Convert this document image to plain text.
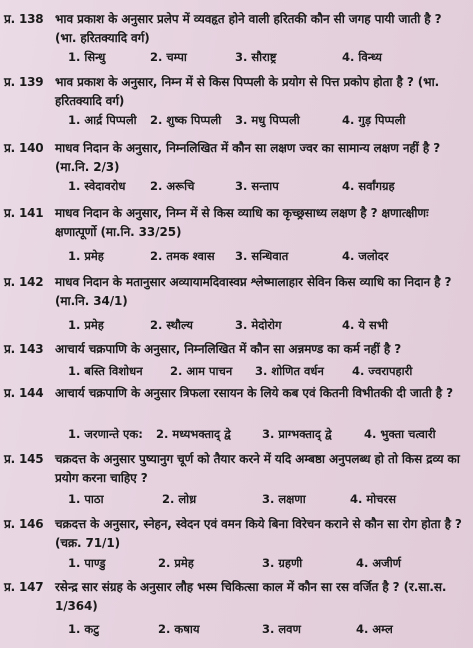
प्र. 138 भाव प्रकाश के अनुसार प्रलेप में व्यवहृत होने वाली हरितकी कौन सी जगह पायी जाती है ? (भा. हरितक्यादि वर्ग)
1. सिन्धु	2. चम्पा	3. सौराष्ट्र	4. विन्ध्य
प्र. 139 भाव प्रकाश के अनुसार, निम्न में से किस पिप्पली के प्रयोग से पित्त प्रकोप होता है ? (भा. हरितक्यादि वर्ग)
1. आर्द्र पिप्पली 2. शुष्क पिप्पली 3. मधु पिप्पली	4. गुड़ पिप्पली
प्र. 140 माधव निदान के अनुसार, निम्नलिखित में कौन सा लक्षण ज्वर का सामान्य लक्षण नहीं है ? (मा.नि. 2/3)
1. स्वेदावरोध 2. अरूचि	3. सन्ताप	4. सर्वांगग्रह
प्र. 141 माधव निदान के अनुसार, निम्न में से किस व्याधि का कृच्छ्रसाध्य लक्षण है ? क्षणात्क्षीणः क्षणात्पूर्णो (मा.नि. 33/25)
1. प्रमेह	2. तमक श्वास 3. सन्धिवात	4. जलोदर
प्र. 142 माधव निदान के मतानुसार अव्यायामदिवास्वप्न श्लेष्मालाहार सेविन किस व्याधि का निदान है ? (मा.नि. 34/1)
1. प्रमेह	2. स्थौल्य	3. मेदोरोग	4. ये सभी
प्र. 143 आचार्य चक्रपाणि के अनुसार, निम्नलिखित में कौन सा अन्नमण्ड का कर्म नहीं है ?
1. बस्ति विशोधन 2. आम पाचन 3. शोणित वर्धन 4. ज्वरापहारी
प्र. 144 आचार्य चक्रपाणि के अनुसार त्रिफला रसायन के लिये कब एवं कितनी विभीतकी दी जाती है ?
1. जरणान्ते एक: 2. मध्यभक्ताद् द्वे	3. प्राग्भक्ताद् द्वे	4. भुक्ता चत्वारी
प्र. 145 चक्रदत्त के अनुसार पुष्यानुग चूर्ण को तैयार करने में यदि अम्बष्ठा अनुपलब्ध हो तो किस द्रव्य का प्रयोग करना चाहिए ?
1. पाठा	2. लोध्र	3. लक्षणा	4. मोचरस
प्र. 146 चक्रदत्त के अनुसार, स्नेहन, स्वेदन एवं वमन किये बिना विरेचन कराने से कौन सा रोग होता है ? (चक्र. 71/1)
1. पाण्डु	2. प्रमेह	3. ग्रहणी	4. अजीर्ण
प्र. 147 रसेन्द्र सार संग्रह के अनुसार लौह भस्म चिकित्सा काल में कौन सा रस वर्जित है ? (र.सा.स. 1/364)
1. कटु	2. कषाय	3. लवण	4. अम्ल
